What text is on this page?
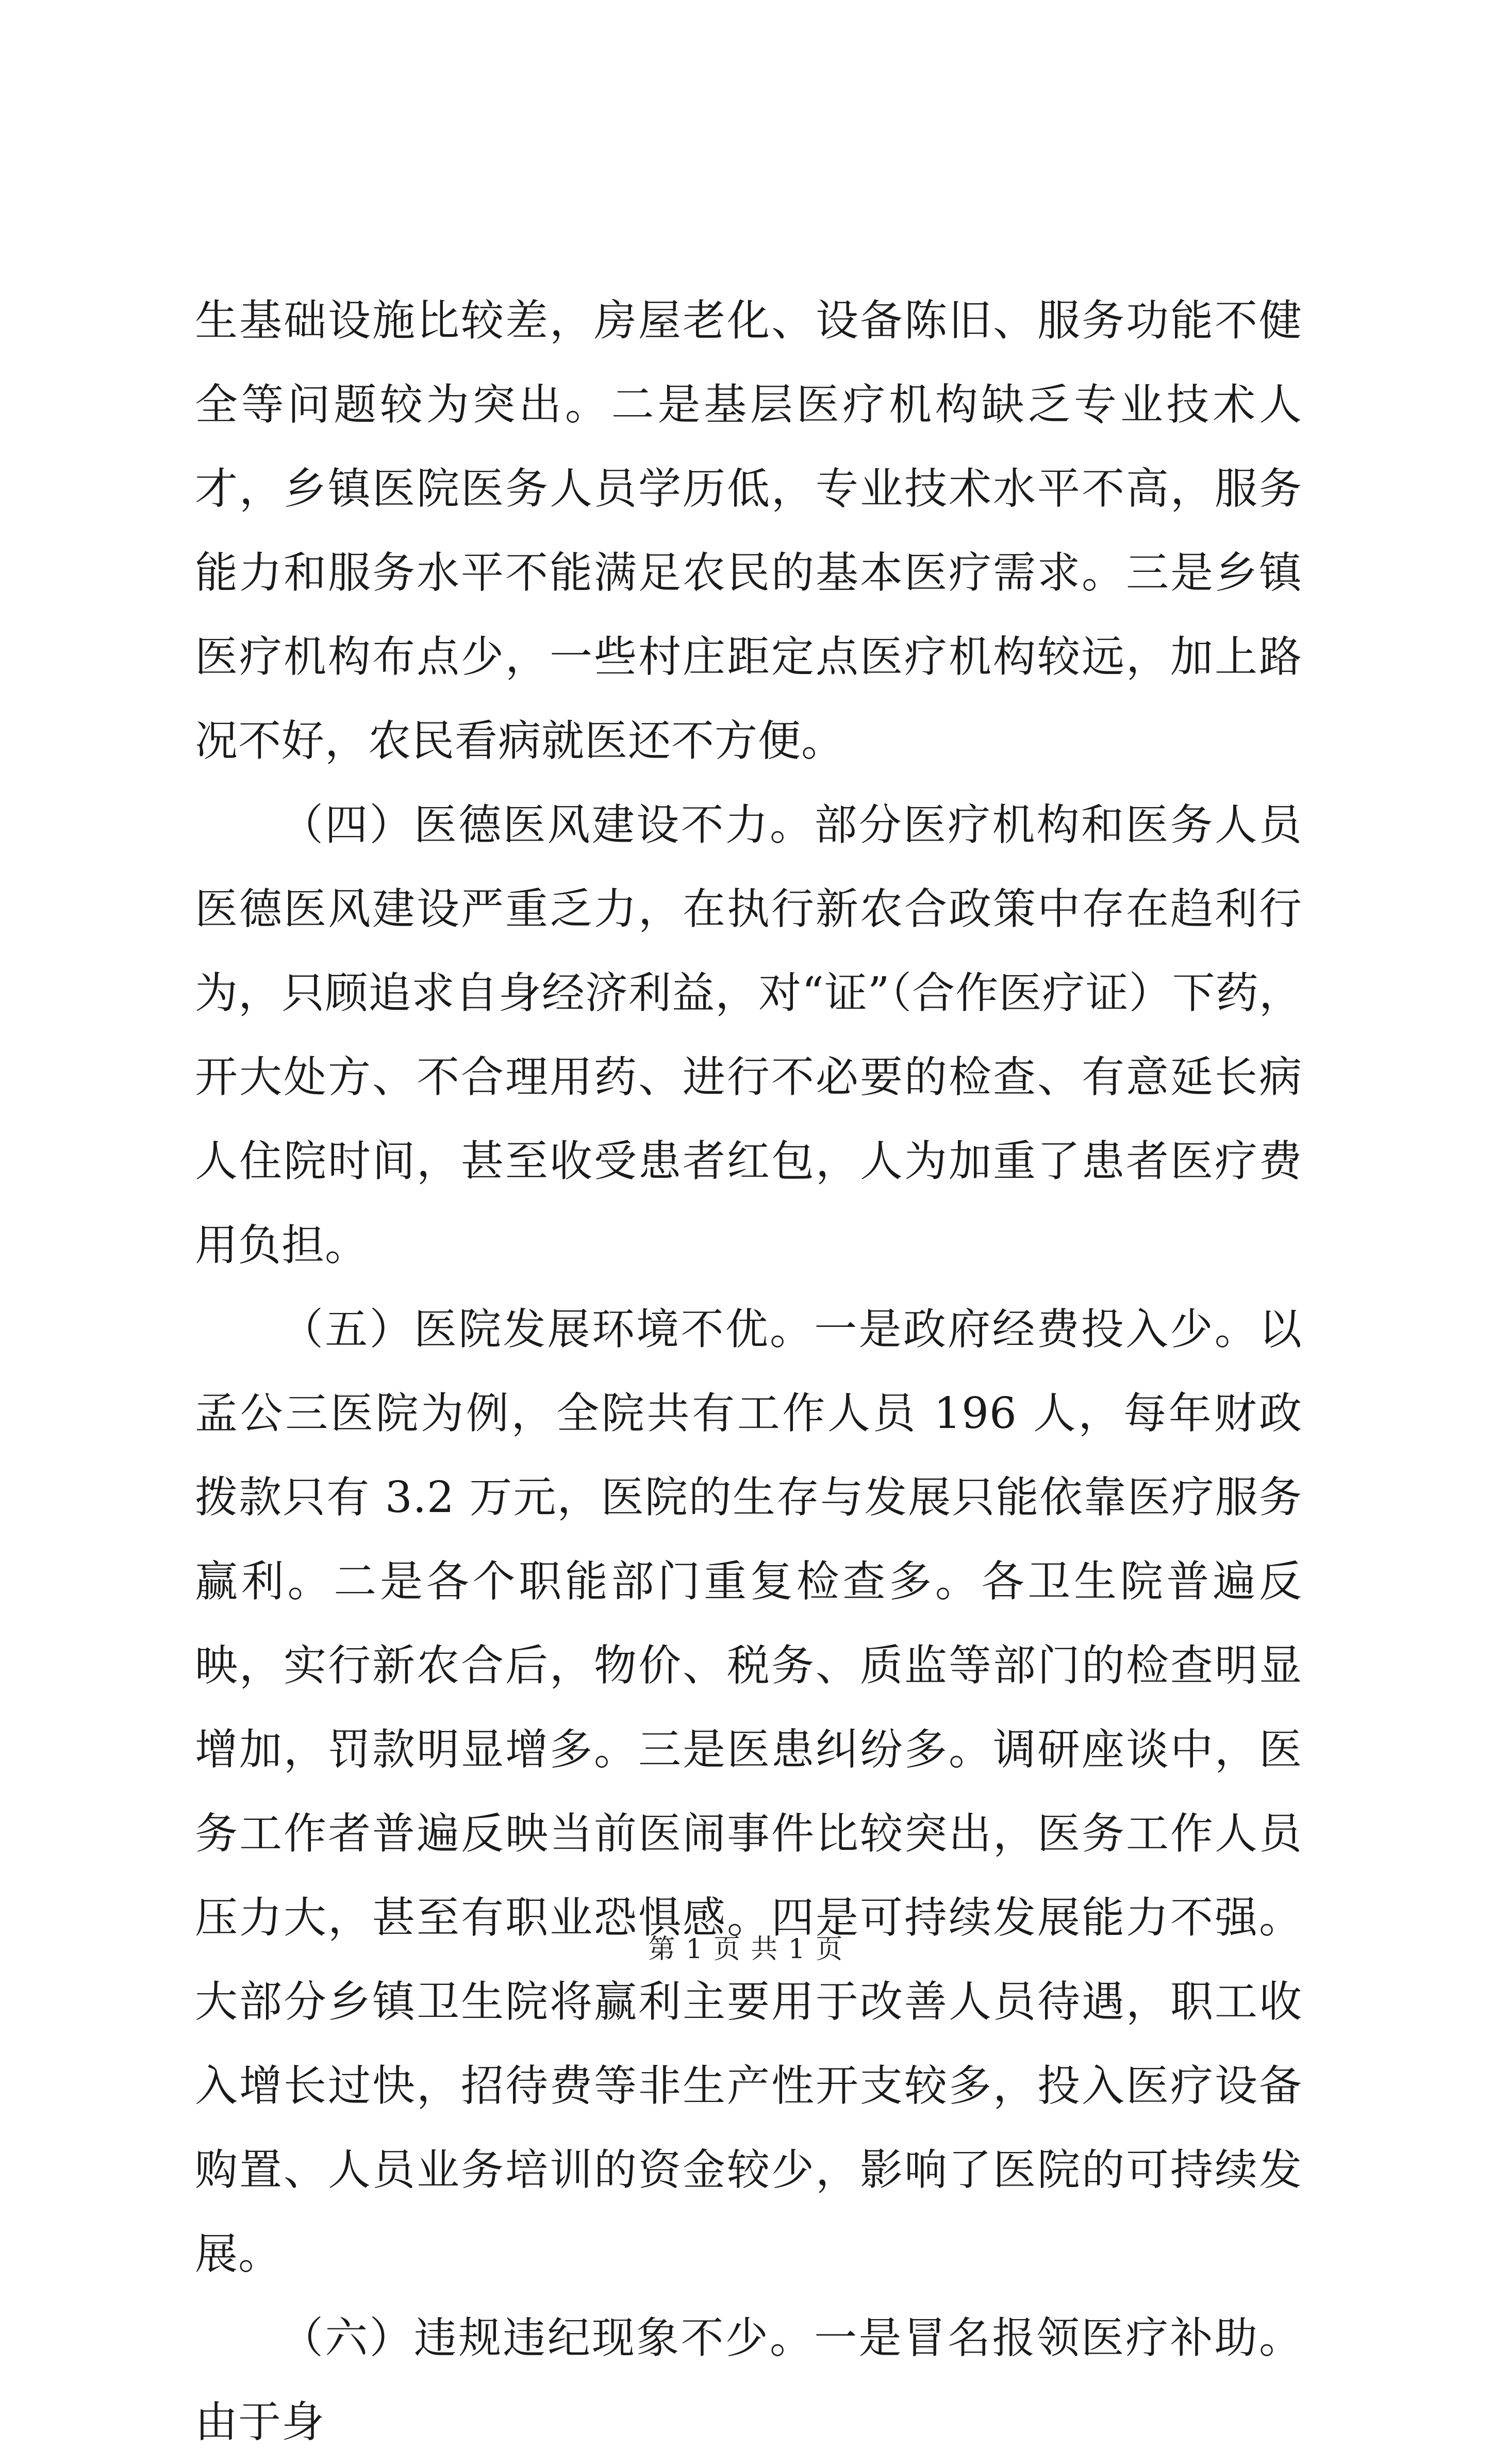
生基础设施比较差，房屋老化、设备陈旧、服务功能不健全等问题较为突出。二是基层医疗机构缺乏专业技术人才，乡镇医院医务人员学历低，专业技术水平不高，服务能力和服务水平不能满足农民的基本医疗需求。三是乡镇医疗机构布点少，一些村庄距定点医疗机构较远，加上路况不好，农民看病就医还不方便。

（四）医德医风建设不力。部分医疗机构和医务人员医德医风建设严重乏力，在执行新农合政策中存在趋利行为，只顾追求自身经济利益，对“证”（合作医疗证）下药，开大处方、不合理用药、进行不必要的检查、有意延长病人住院时间，甚至收受患者红包，人为加重了患者医疗费用负担。

（五）医院发展环境不优。一是政府经费投入少。以孟公三医院为例，全院共有工作人员 196 人，每年财政拨款只有 3.2 万元，医院的生存与发展只能依靠医疗服务赢利。二是各个职能部门重复检查多。各卫生院普遍反映，实行新农合后，物价、税务、质监等部门的检查明显增加，罚款明显增多。三是医患纠纷多。调研座谈中，医务工作者普遍反映当前医闹事件比较突出，医务工作人员压力大，甚至有职业恐惧感。四是可持续发展能力不强。大部分乡镇卫生院将赢利主要用于改善人员待遇，职工收入增长过快，招待费等非生产性开支较多，投入医疗设备购置、人员业务培训的资金较少，影响了医院的可持续发展。

（六）违规违纪现象不少。一是冒名报领医疗补助。由于身

第 1 页 共 1 页
